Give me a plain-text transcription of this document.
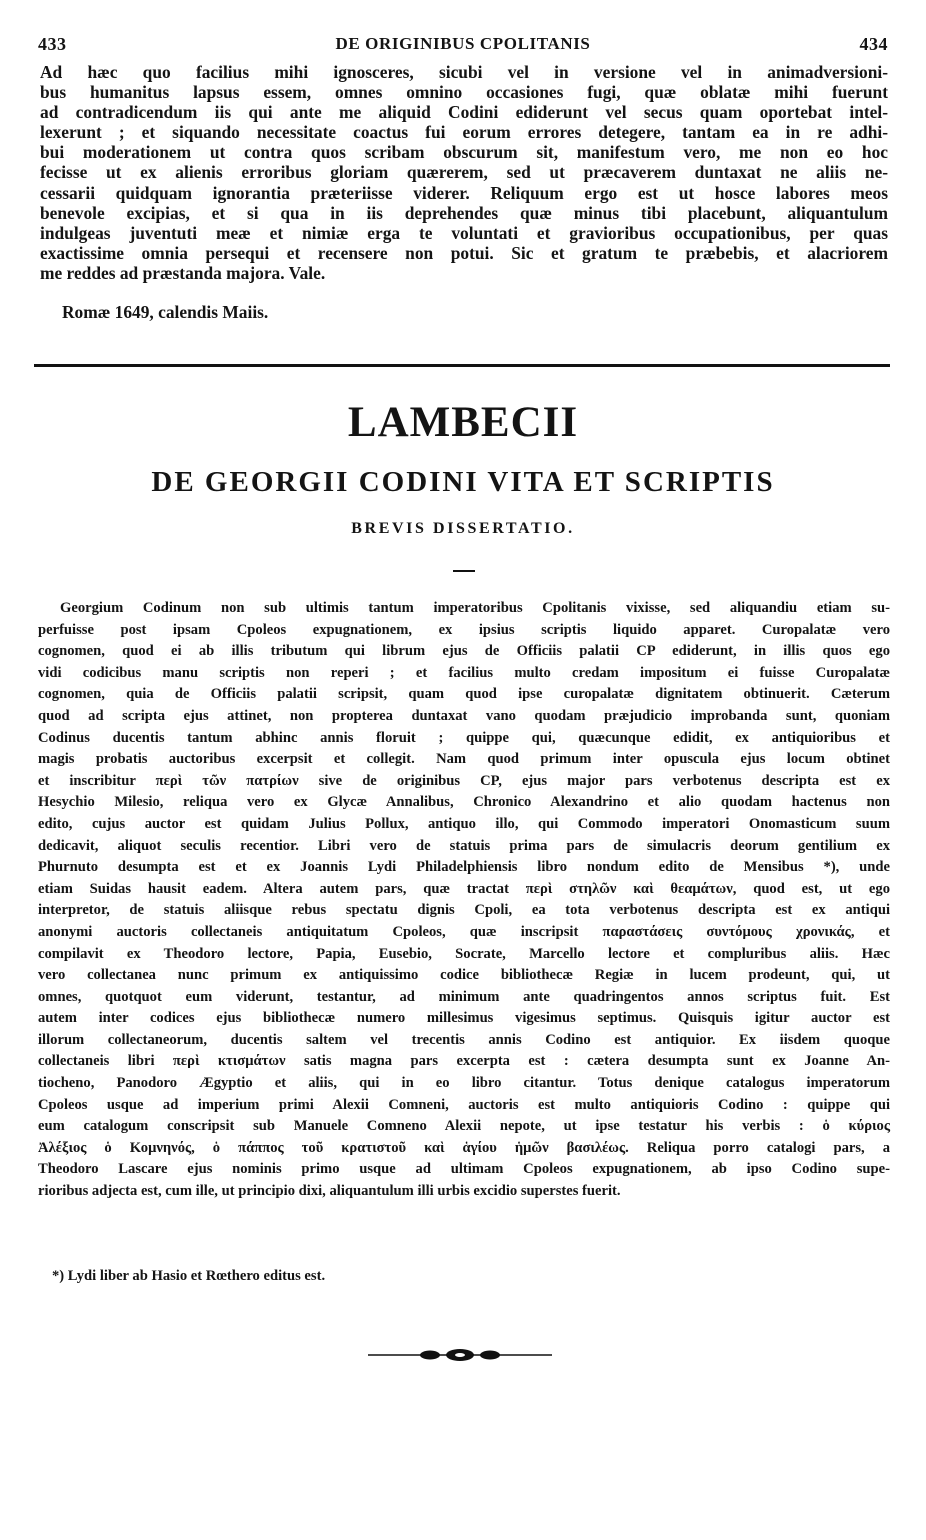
433	DE ORIGINIBUS CPOLITANIS	434
Ad hæc quo facilius mihi ignosceres, sicubi vel in versione vel in animadversioni-
bus humanitus lapsus essem, omnes omnino occasiones fugi, quæ oblatæ mihi fuerunt
ad contradicendum iis qui ante me aliquid Codini ediderunt vel secus quam oportebat intel-
lexerunt ; et siquando necessitate coactus fui eorum errores detegere, tantam ea in re adhi-
bui moderationem ut contra quos scribam obscurum sit, manifestum vero, me non eo hoc
fecisse ut ex alienis erroribus gloriam quærerem, sed ut præcaverem duntaxat ne aliis ne-
cessarii quidquam ignorantia præteriisse viderer. Reliquum ergo est ut hosce labores meos
benevole excipias, et si qua in iis deprehendes quæ minus tibi placebunt, aliquantulum
indulgeas juventuti meæ et nimiæ erga te voluntati et gravioribus occupationibus, per quas
exactissime omnia persequi et recensere non potui. Sic et gratum te præbebis, et alacriorem
me reddes ad præstanda majora. Vale.
Romæ 1649, calendis Maiis.
LAMBECII
DE GEORGII CODINI VITA ET SCRIPTIS
BREVIS DISSERTATIO.
Georgium Codinum non sub ultimis tantum imperatoribus Cpolitanis vixisse, sed aliquandiu etiam su-
perfuisse post ipsam Cpoleos expugnationem, ex ipsius scriptis liquido apparet. Curopalatæ vero
cognomen, quod ei ab illis tributum qui librum ejus de Officiis palatii CP ediderunt, in illis quos ego
vidi codicibus manu scriptis non reperi ; et facilius multo credam impositum ei fuisse Curopalatæ
cognomen, quia de Officiis palatii scripsit, quam quod ipse curopalatæ dignitatem obtinuerit. Cæterum
quod ad scripta ejus attinet, non propterea duntaxat vano quodam præjudicio improbanda sunt, quoniam
Codinus ducentis tantum abhinc annis floruit ; quippe qui, quæcunque edidit, ex antiquioribus et
magis probatis auctoribus excerpsit et collegit. Nam quod primum inter opuscula ejus locum obtinet
et inscribitur περὶ τῶν πατρίων sive de originibus CP, ejus major pars verbotenus descripta est ex
Hesychio Milesio, reliqua vero ex Glycæ Annalibus, Chronico Alexandrino et alio quodam hactenus non
edito, cujus auctor est quidam Julius Pollux, antiquo illo, qui Commodo imperatori Onomasticum suum
dedicavit, aliquot seculis recentior. Libri vero de statuis prima pars de simulacris deorum gentilium ex
Phurnuto desumpta est et ex Joannis Lydi Philadelphiensis libro nondum edito de Mensibus *), unde
etiam Suidas hausit eadem. Altera autem pars, quæ tractat περὶ στηλῶν καὶ θεαμάτων, quod est, ut ego
interpretor, de statuis aliisque rebus spectatu dignis Cpoli, ea tota verbotenus descripta est ex antiqui
anonymi auctoris collectaneis antiquitatum Cpoleos, quæ inscripsit παραστάσεις συντόμους χρονικάς, et
compilavit ex Theodoro lectore, Papia, Eusebio, Socrate, Marcello lectore et compluribus aliis. Hæc
vero collectanea nunc primum ex antiquissimo codice bibliothecæ Regiæ in lucem prodeunt, qui, ut
omnes, quotquot eum viderunt, testantur, ad minimum ante quadringentos annos scriptus fuit. Est
autem inter codices ejus bibliothecæ numero millesimus vigesimus septimus. Quisquis igitur auctor est
illorum collectaneorum, ducentis saltem vel trecentis annis Codino est antiquior. Ex iisdem quoque
collectaneis libri περὶ κτισμάτων satis magna pars excerpta est : cætera desumpta sunt ex Joanne An-
tiocheno, Panodoro Ægyptio et aliis, qui in eo libro citantur. Totus denique catalogus imperatorum
Cpoleos usque ad imperium primi Alexii Comneni, auctoris est multo antiquioris Codino : quippe qui
eum catalogum conscripsit sub Manuele Comneno Alexii nepote, ut ipse testatur his verbis : ὁ κύριος
Ἀλέξιος ὁ Κομνηνός, ὁ πάππος τοῦ κρατιστοῦ καὶ ἁγίου ἡμῶν βασιλέως. Reliqua porro catalogi pars, a
Theodoro Lascare ejus nominis primo usque ad ultimam Cpoleos expugnationem, ab ipso Codino supe-
rioribus adjecta est, cum ille, ut principio dixi, aliquantulum illi urbis excidio superstes fuerit.
*) Lydi liber ab Hasio et Rœthero editus est.
